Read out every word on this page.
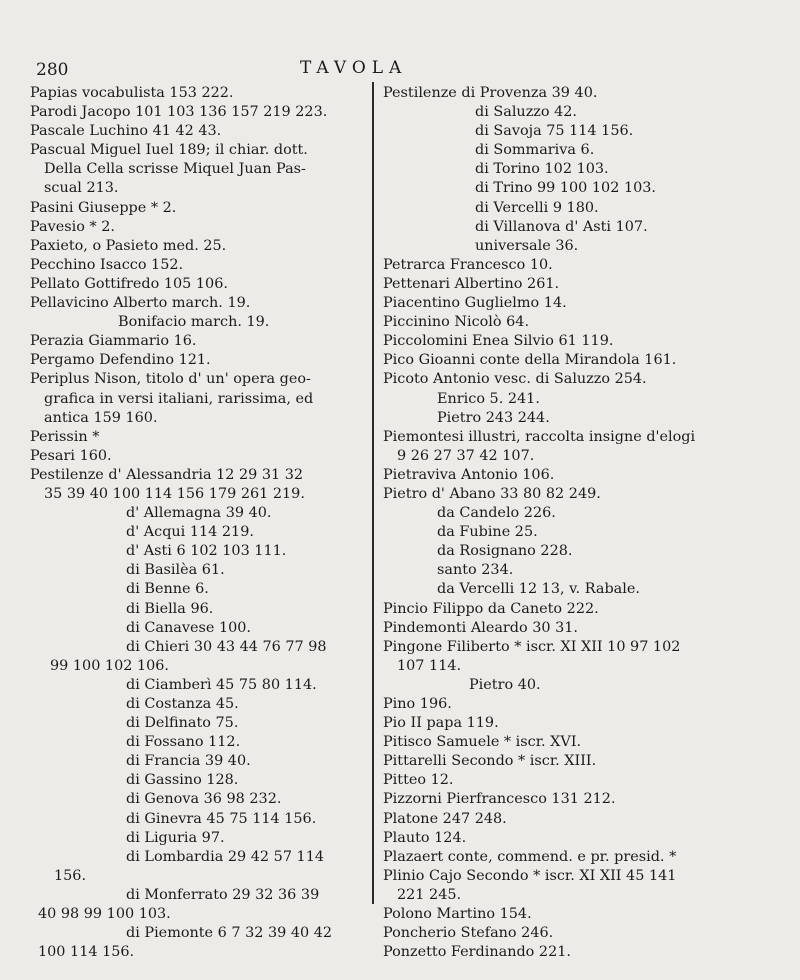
280	TAVOLA
Papias vocabulista 153 222.
Parodi Jacopo 101 103 136 157 219 223.
Pascale Luchino 41 42 43.
Pascual Miguel Iuel 189; il chiar. dott.
Della Cella scrisse Miquel Juan Pas-
scual 213.
Pasini Giuseppe * 2.
Pavesio * 2.
Paxieto, o Pasieto med. 25.
Pecchino Isacco 152.
Pellato Gottifredo 105 106.
Pellavicino Alberto march. 19.
Bonifacio march. 19.
Perazia Giammario 16.
Pergamo Defendino 121.
Periplus Nison, titolo d' un' opera geo-
grafica in versi italiani, rarissima, ed
antica 159 160.
Perissin *
Pesari 160.
Pestilenze d' Alessandria 12 29 31 32
35 39 40 100 114 156 179 261 219.
d' Allemagna 39 40.
d' Acqui 114 219.
d' Asti 6 102 103 111.
di Basilèa 61.
di Benne 6.
di Biella 96.
di Canavese 100.
di Chieri 30 43 44 76 77 98
99 100 102 106.
di Ciamberì 45 75 80 114.
di Costanza 45.
di Delfinato 75.
di Fossano 112.
di Francia 39 40.
di Gassino 128.
di Genova 36 98 232.
di Ginevra 45 75 114 156.
di Liguria 97.
di Lombardia 29 42 57 114
156.
di Monferrato 29 32 36 39
40 98 99 100 103.
di Piemonte 6 7 32 39 40 42
100 114 156.
Pestilenze di Provenza 39 40.
di Saluzzo 42.
di Savoja 75 114 156.
di Sommariva 6.
di Torino 102 103.
di Trino 99 100 102 103.
di Vercelli 9 180.
di Villanova d' Asti 107.
universale 36.
Petrarca Francesco 10.
Pettenari Albertino 261.
Piacentino Guglielmo 14.
Piccinino Nicolò 64.
Piccolomini Enea Silvio 61 119.
Pico Gioanni conte della Mirandola 161.
Picoto Antonio vesc. di Saluzzo 254.
Enrico 5. 241.
Pietro 243 244.
Piemontesi illustri, raccolta insigne d'elogi
9 26 27 37 42 107.
Pietraviva Antonio 106.
Pietro d' Abano 33 80 82 249.
da Candelo 226.
da Fubine 25.
da Rosignano 228.
santo 234.
da Vercelli 12 13, v. Rabale.
Pincio Filippo da Caneto 222.
Pindemonti Aleardo 30 31.
Pingone Filiberto * iscr. XI XII 10 97 102
107 114.
Pietro 40.
Pino 196.
Pio II papa 119.
Pitisco Samuele * iscr. XVI.
Pittarelli Secondo * iscr. XIII.
Pitteo 12.
Pizzorni Pierfrancesco 131 212.
Platone 247 248.
Plauto 124.
Plazaert conte, commend. e pr. presid. *
Plinio Cajo Secondo * iscr. XI XII 45 141
221 245.
Polono Martino 154.
Poncherio Stefano 246.
Ponzetto Ferdinando 221.
